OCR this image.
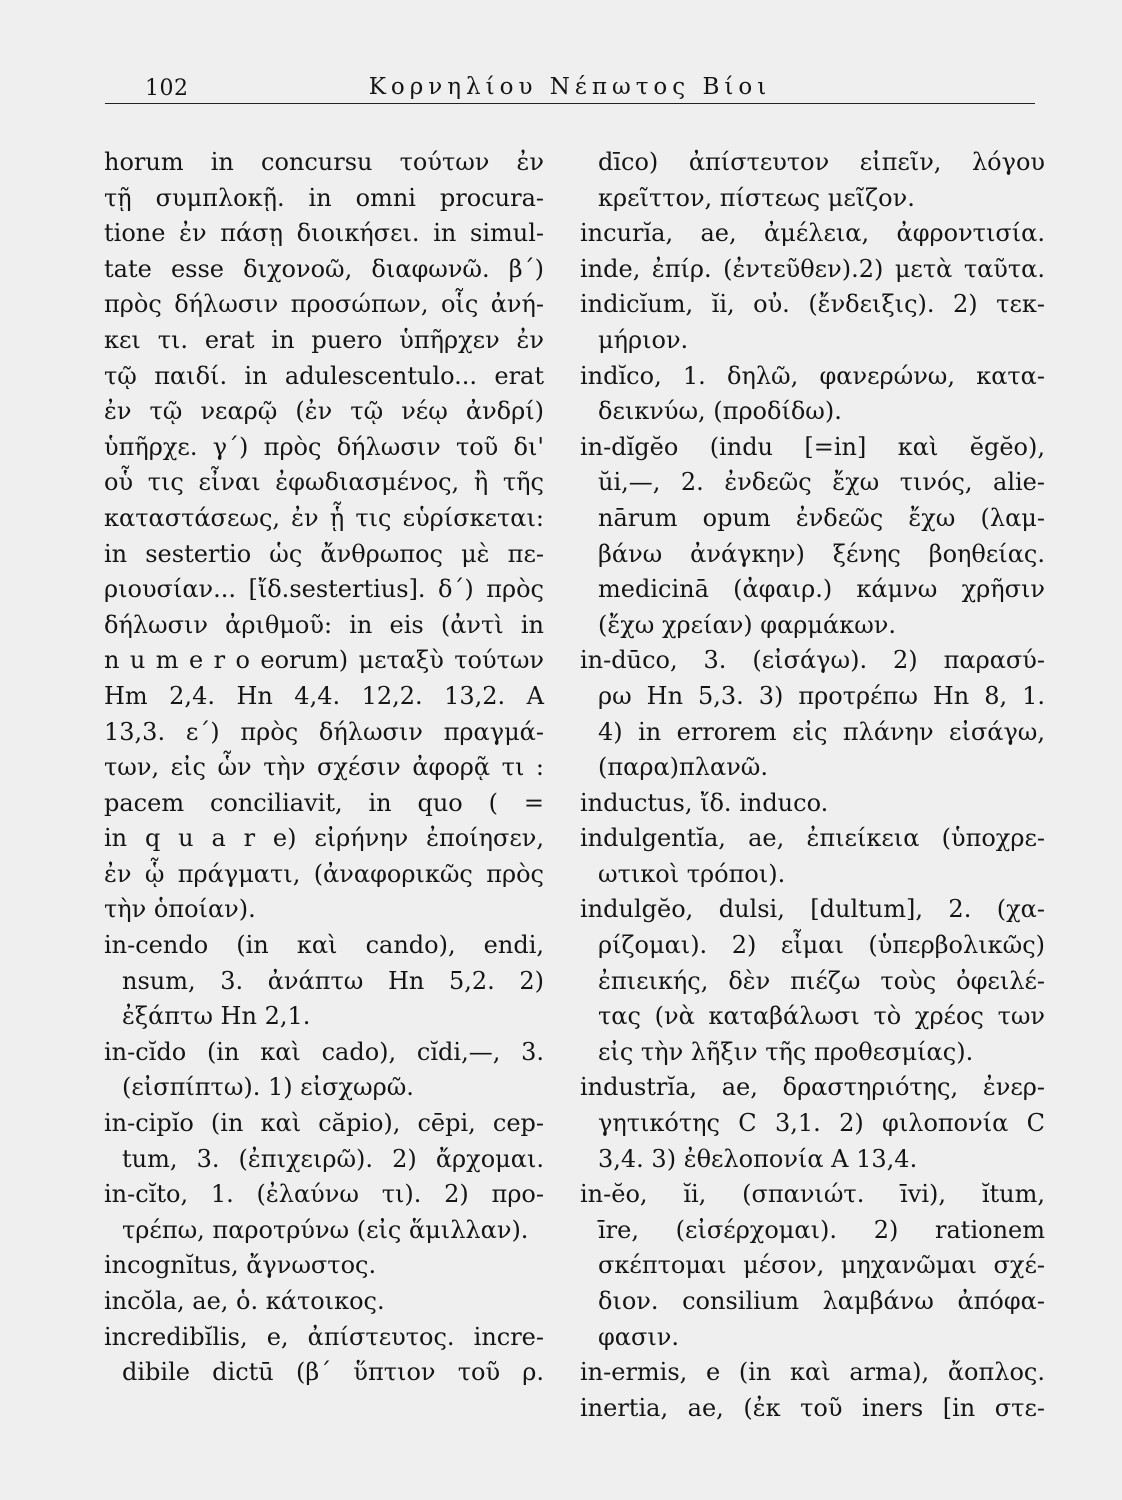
102	Κορνηλίου Νέπωτος Βίοι
horum in concursu τούτων ἐν
τῇ συμπλοκῇ. in omni procura-
tione ἐν πάσῃ διοικήσει. in simul-
tate esse διχονοῶ, διαφωνῶ. β΄)
πρὸς δήλωσιν προσώπων, οἷς ἀνή-
κει τι. erat in puero ὑπῆρχεν ἐν
τῷ παιδί. in adulescentulo... erat
ἐν τῷ νεαρῷ (ἐν τῷ νέῳ ἀνδρί)
ὑπῆρχε. γ΄) πρὸς δήλωσιν τοῦ δι'
οὗ τις εἶναι ἐφωδιασμένος, ἢ τῆς
καταστάσεως, ἐν ᾗ τις εὑρίσκεται:
in sestertio ὡς ἄνθρωπος μὲ πε-
ριουσίαν... [ἴδ.sestertius]. δ΄) πρὸς
δήλωσιν ἀριθμοῦ: in eis (ἀντὶ in
n u m e r o eorum) μεταξὺ τούτων
Hm 2,4. Hn 4,4. 12,2. 13,2. A
13,3. ε΄) πρὸς δήλωσιν πραγμά-
των, εἰς ὧν τὴν σχέσιν ἀφορᾷ τι :
pacem conciliavit, in quo ( =
in q u a r e) εἰρήνην ἐποίησεν,
ἐν ᾧ πράγματι, (ἀναφορικῶς πρὸς
τὴν ὁποίαν).
in-cendo (in καὶ cando), endi,
nsum, 3. ἀνάπτω Hn 5,2. 2)
ἐξάπτω Hn 2,1.
in-cĭdo (in καὶ cado), cĭdi,—, 3.
(εἰσπίπτω). 1) εἰσχωρῶ.
in-cipĭo (in καὶ căpio), cēpi, cep-
tum, 3. (ἐπιχειρῶ). 2) ἄρχομαι.
in-cĭto, 1. (ἐλαύνω τι). 2) προ-
τρέπω, παροτρύνω (εἰς ἅμιλλαν).
incognĭtus, ἄγνωστος.
incŏla, ae, ὁ. κάτοικος.
incredibĭlis, e, ἀπίστευτος. incre-
dibile dictū (β΄ ὕπτιον τοῦ ρ.
dīco) ἀπίστευτον εἰπεῖν, λόγου
κρεῖττον, πίστεως μεῖζον.
incurĭa, ae, ἀμέλεια, ἀφροντισία.
inde, ἐπίρ. (ἐντεῦθεν).2) μετὰ ταῦτα.
indicĭum, ĭi, οὐ. (ἔνδειξις). 2) τεκ-
μήριον.
indĭco, 1. δηλῶ, φανερώνω, κατα-
δεικνύω, (προδίδω).
in-dĭgĕo (indu [=in] καὶ ĕgĕo),
ŭi,—, 2. ἐνδεῶς ἔχω τινός, alie-
nārum opum ἐνδεῶς ἔχω (λαμ-
βάνω ἀνάγκην) ξένης βοηθείας.
medicinā (ἀφαιρ.) κάμνω χρῆσιν
(ἔχω χρείαν) φαρμάκων.
in-dūco, 3. (εἰσάγω). 2) παρασύ-
ρω Hn 5,3. 3) προτρέπω Hn 8, 1.
4) in errorem εἰς πλάνην εἰσάγω,
(παρα)πλανῶ.
inductus, ἴδ. induco.
indulgentĭa, ae, ἐπιείκεια (ὑποχρε-
ωτικοὶ τρόποι).
indulgĕo, dulsi, [dultum], 2. (χα-
ρίζομαι). 2) εἶμαι (ὑπερβολικῶς)
ἐπιεικής, δὲν πιέζω τοὺς ὀφειλέ-
τας (νὰ καταβάλωσι τὸ χρέος των
εἰς τὴν λῆξιν τῆς προθεσμίας).
industrĭa, ae, δραστηριότης, ἐνερ-
γητικότης C 3,1. 2) φιλοπονία C
3,4. 3) ἐθελοπονία A 13,4.
in-ĕo, ĭi, (σπανιώτ. īvi), ĭtum,
īre, (εἰσέρχομαι). 2) rationem
σκέπτομαι μέσον, μηχανῶμαι σχέ-
διον. consilium λαμβάνω ἀπόφα-
φασιν.
in-ermis, e (in καὶ arma), ἄοπλος.
inertia, ae, (ἐκ τοῦ iners [in στε-
